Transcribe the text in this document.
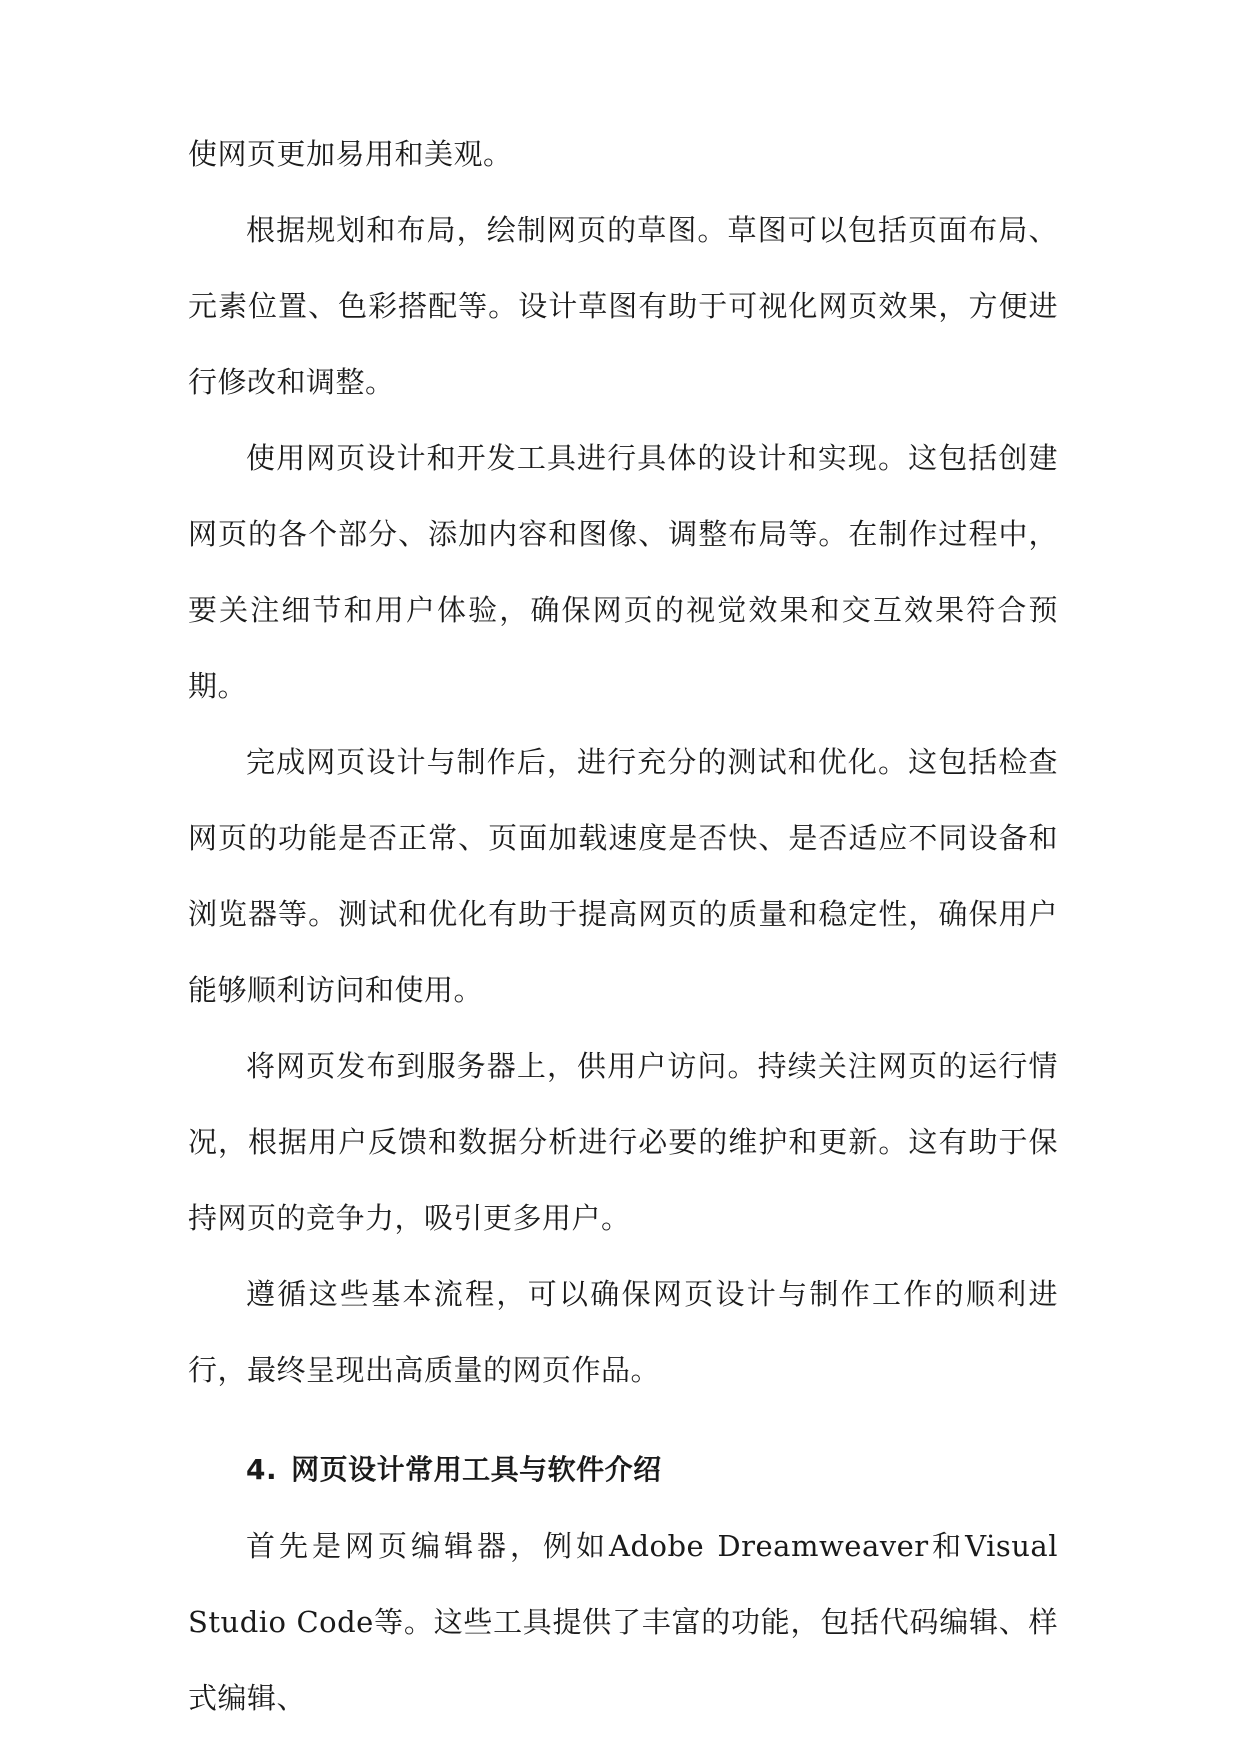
使网页更加易用和美观。

根据规划和布局，绘制网页的草图。草图可以包括页面布局、元素位置、色彩搭配等。设计草图有助于可视化网页效果，方便进行修改和调整。

使用网页设计和开发工具进行具体的设计和实现。这包括创建网页的各个部分、添加内容和图像、调整布局等。在制作过程中，要关注细节和用户体验，确保网页的视觉效果和交互效果符合预期。

完成网页设计与制作后，进行充分的测试和优化。这包括检查网页的功能是否正常、页面加载速度是否快、是否适应不同设备和浏览器等。测试和优化有助于提高网页的质量和稳定性，确保用户能够顺利访问和使用。

将网页发布到服务器上，供用户访问。持续关注网页的运行情况，根据用户反馈和数据分析进行必要的维护和更新。这有助于保持网页的竞争力，吸引更多用户。

遵循这些基本流程，可以确保网页设计与制作工作的顺利进行，最终呈现出高质量的网页作品。

4. 网页设计常用工具与软件介绍

首先是网页编辑器，例如Adobe Dreamweaver和Visual Studio Code等。这些工具提供了丰富的功能，包括代码编辑、样式编辑、
